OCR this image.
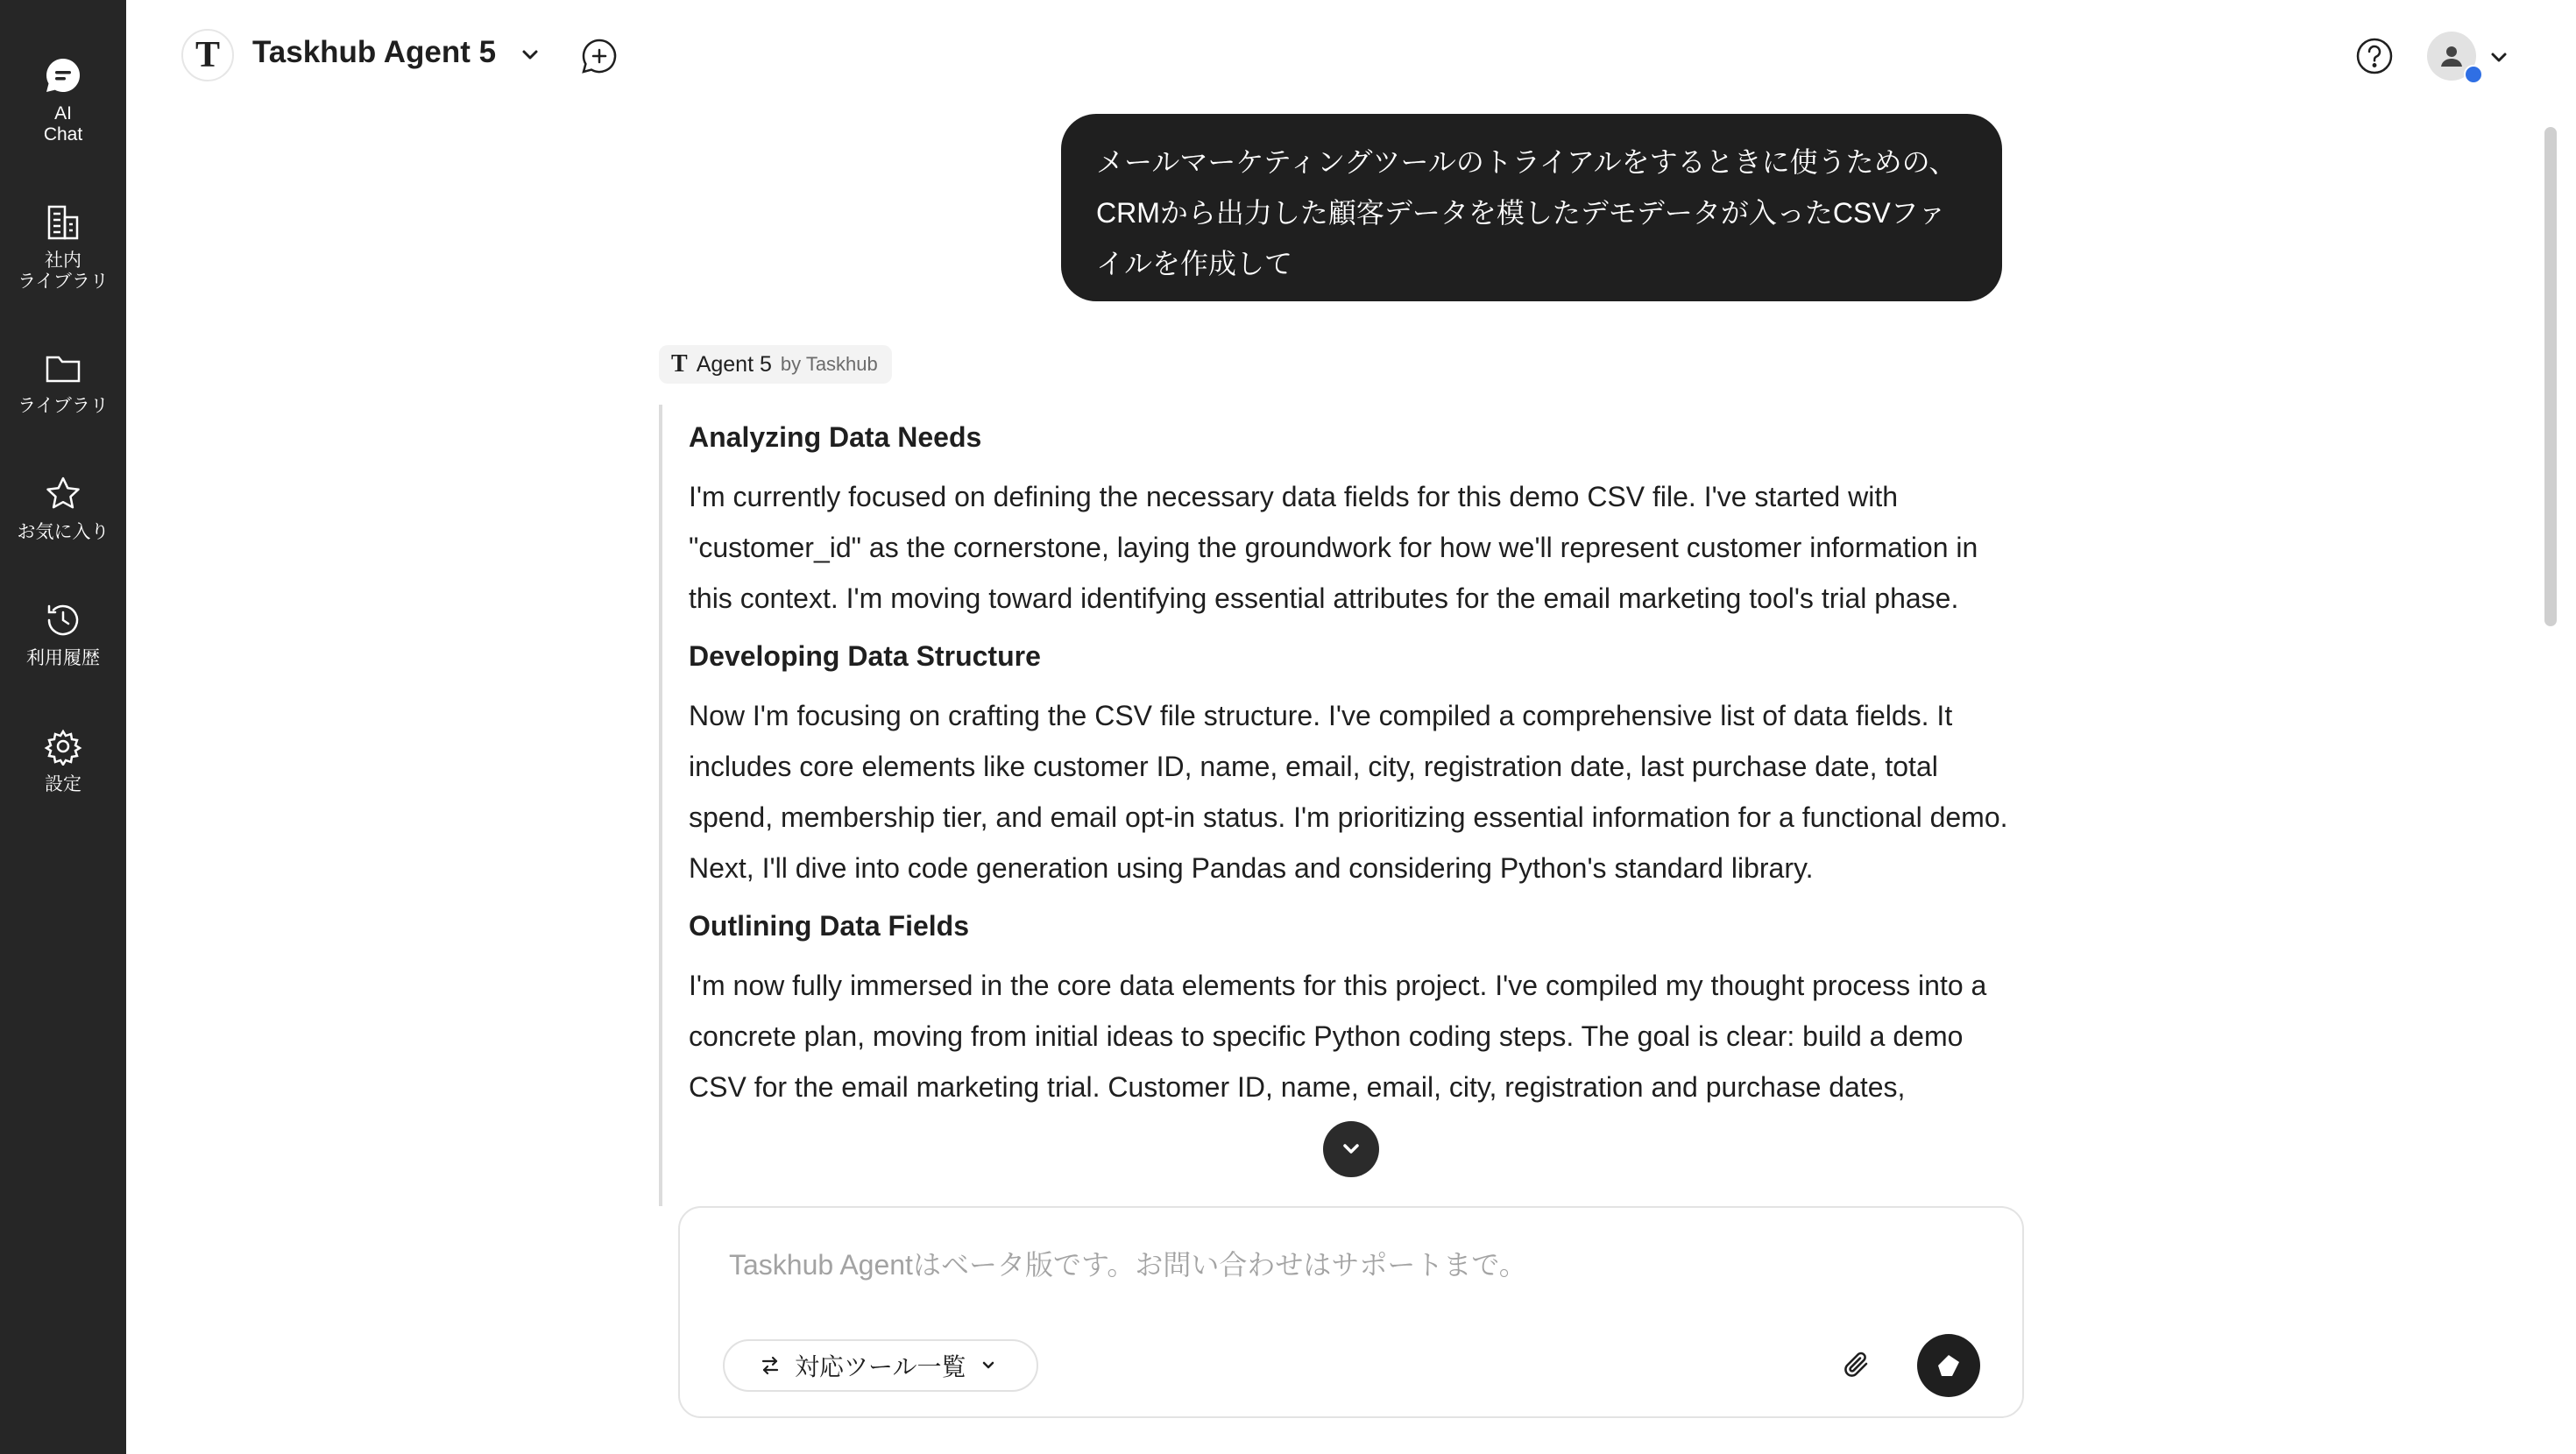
AI
Chat
社内
ライブラリ
ライブラリ
お気に入り
利用履歴
設定
T Taskhub Agent 5
メールマーケティングツールのトライアルをするときに使うための、CRMから出力した顧客データを模したデモデータが入ったCSVファイルを作成して
T Agent 5 by Taskhub
Analyzing Data Needs

I'm currently focused on defining the necessary data fields for this demo CSV file. I've started with "customer_id" as the cornerstone, laying the groundwork for how we'll represent customer information in this context. I'm moving toward identifying essential attributes for the email marketing tool's trial phase.

Developing Data Structure

Now I'm focusing on crafting the CSV file structure. I've compiled a comprehensive list of data fields. It includes core elements like customer ID, name, email, city, registration date, last purchase date, total spend, membership tier, and email opt-in status. I'm prioritizing essential information for a functional demo. Next, I'll dive into code generation using Pandas and considering Python's standard library.

Outlining Data Fields

I'm now fully immersed in the core data elements for this project. I've compiled my thought process into a concrete plan, moving from initial ideas to specific Python coding steps. The goal is clear: build a demo CSV for the email marketing trial. Customer ID, name, email, city, registration and purchase dates,

Taskhub Agentはベータ版です。お問い合わせはサポートまで。
対応ツール一覧
